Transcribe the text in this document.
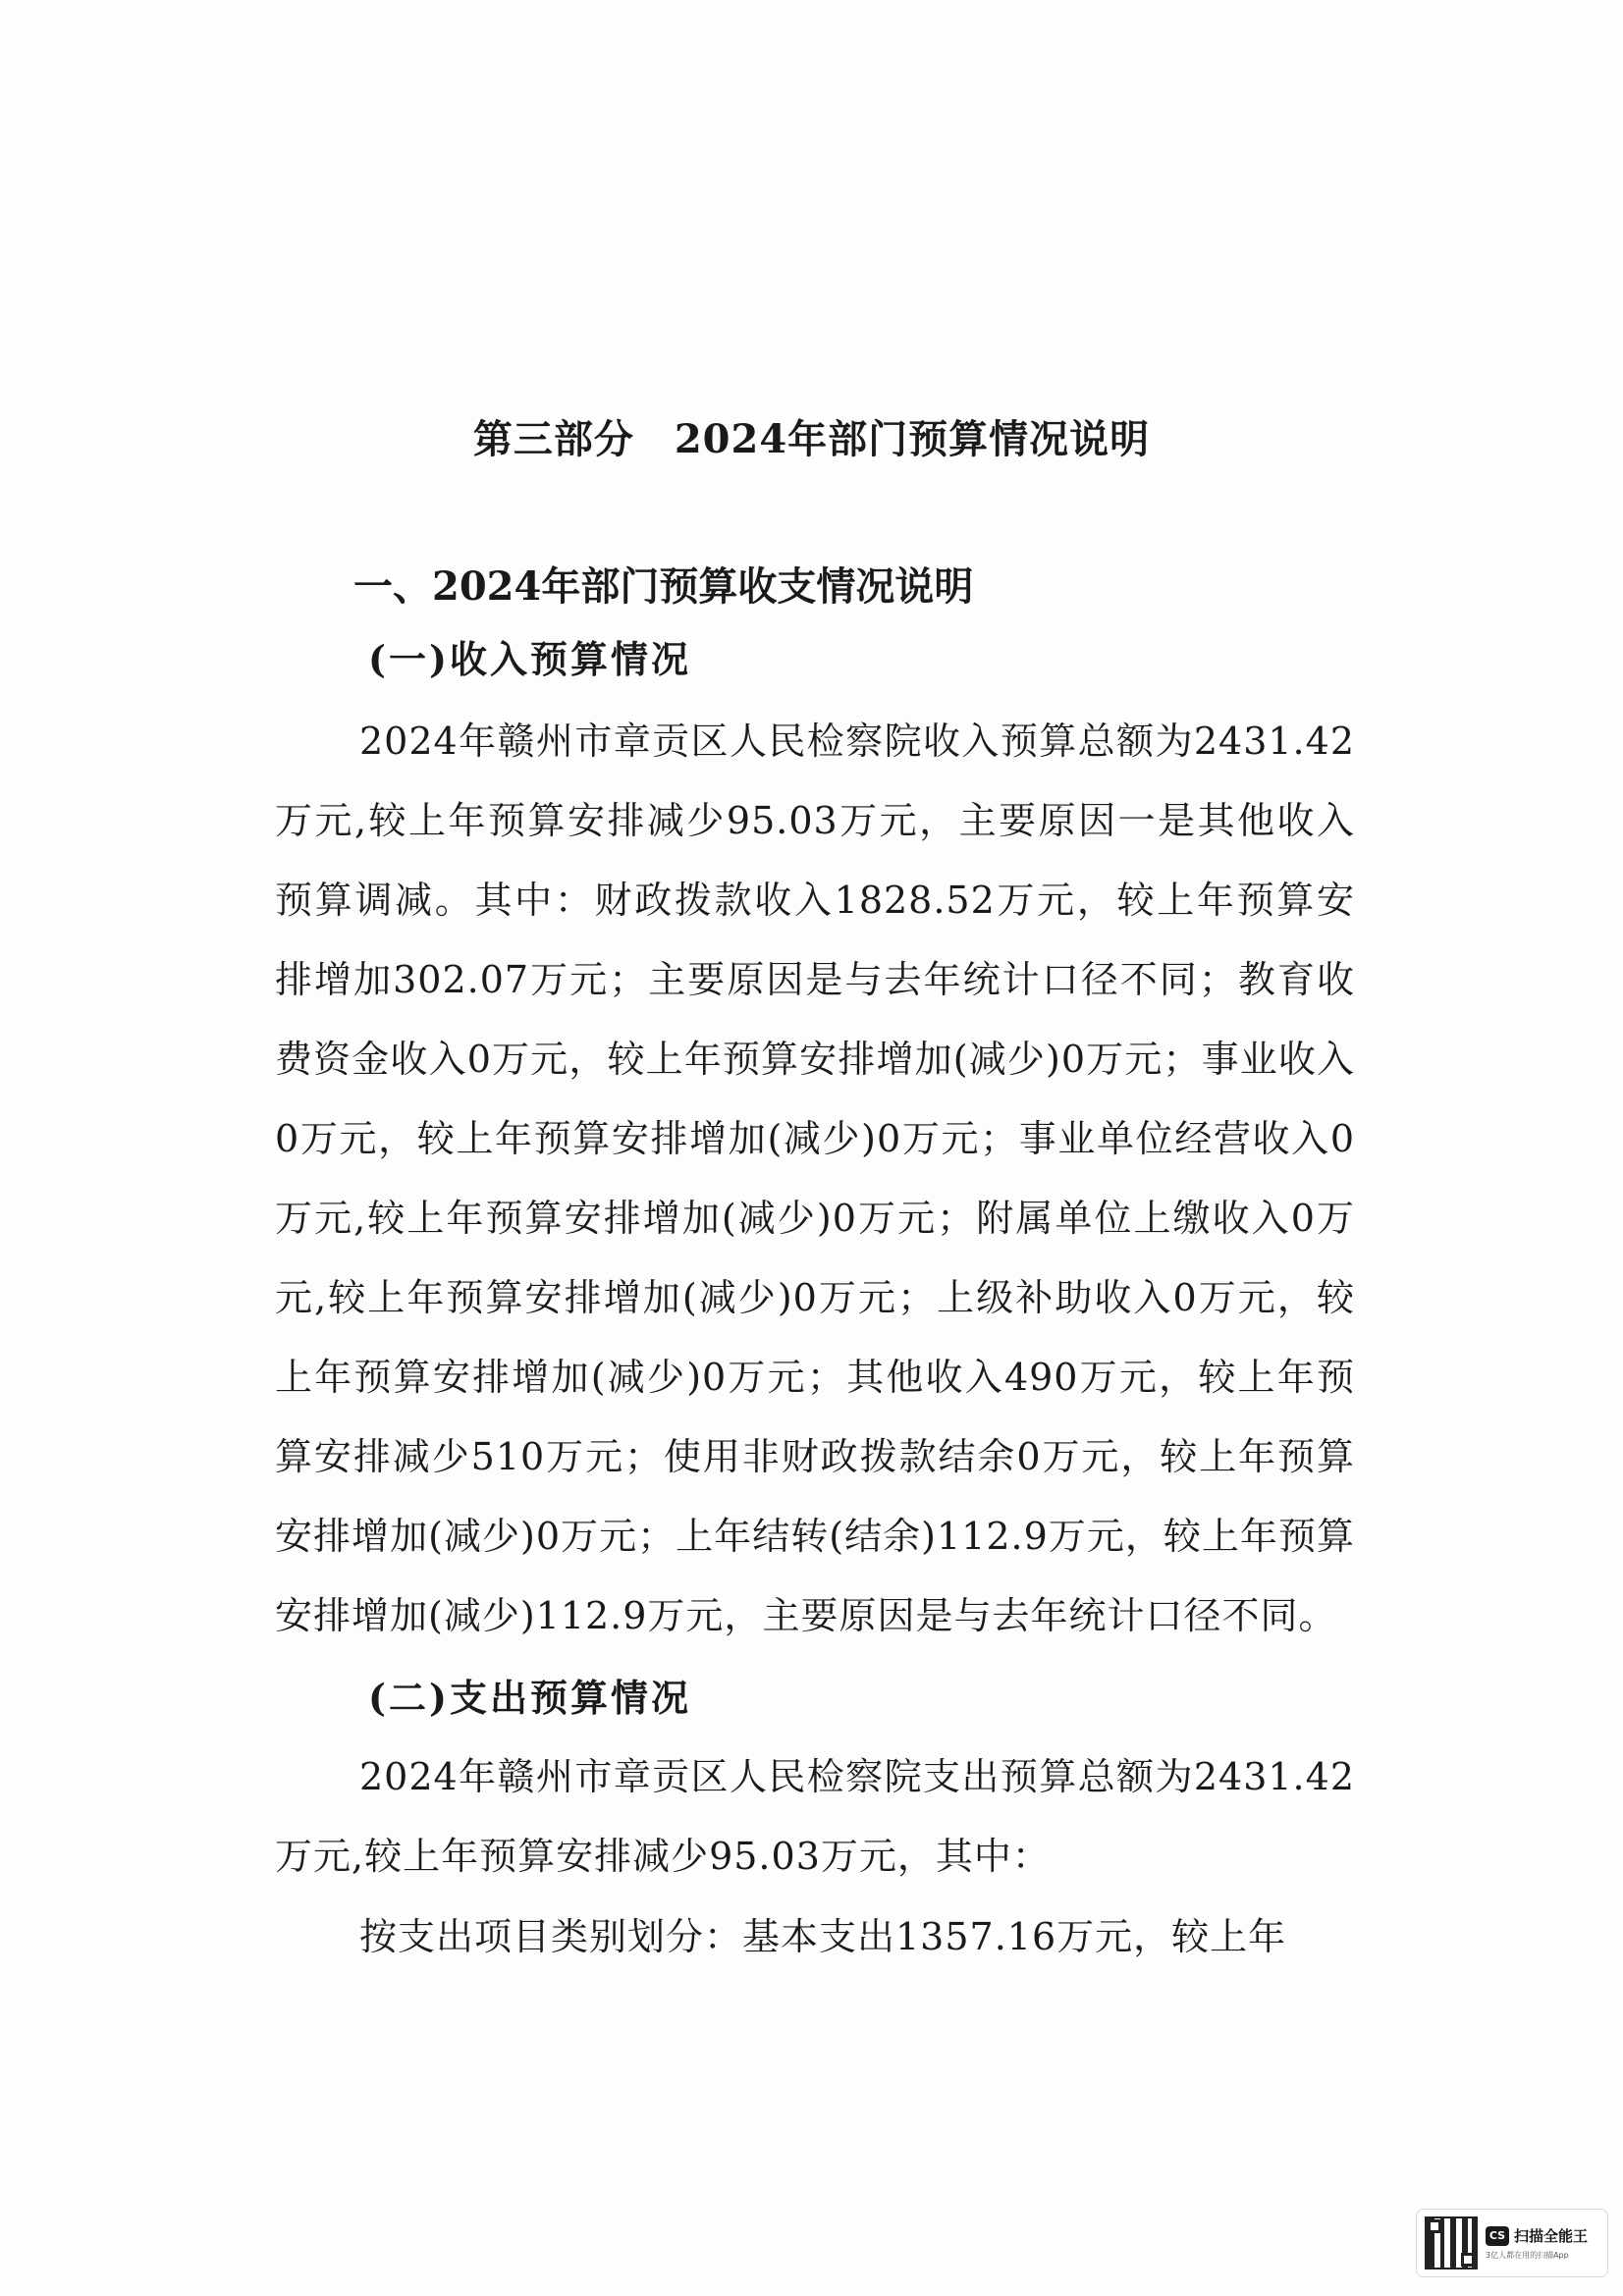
第三部分　2024年部门预算情况说明
一、2024年部门预算收支情况说明
(一)收入预算情况
2024年赣州市章贡区人民检察院收入预算总额为2431.42万元,较上年预算安排减少95.03万元，主要原因一是其他收入预算调减。其中：财政拨款收入1828.52万元，较上年预算安排增加302.07万元；主要原因是与去年统计口径不同；教育收费资金收入0万元，较上年预算安排增加(减少)0万元；事业收入0万元，较上年预算安排增加(减少)0万元；事业单位经营收入0万元,较上年预算安排增加(减少)0万元；附属单位上缴收入0万元,较上年预算安排增加(减少)0万元；上级补助收入0万元，较上年预算安排增加(减少)0万元；其他收入490万元，较上年预算安排减少510万元；使用非财政拨款结余0万元，较上年预算安排增加(减少)0万元；上年结转(结余)112.9万元，较上年预算安排增加(减少)112.9万元，主要原因是与去年统计口径不同。
(二)支出预算情况
2024年赣州市章贡区人民检察院支出预算总额为2431.42万元,较上年预算安排减少95.03万元，其中：
按支出项目类别划分：基本支出1357.16万元，较上年
CS 扫描全能王
3亿人都在用的扫描App
